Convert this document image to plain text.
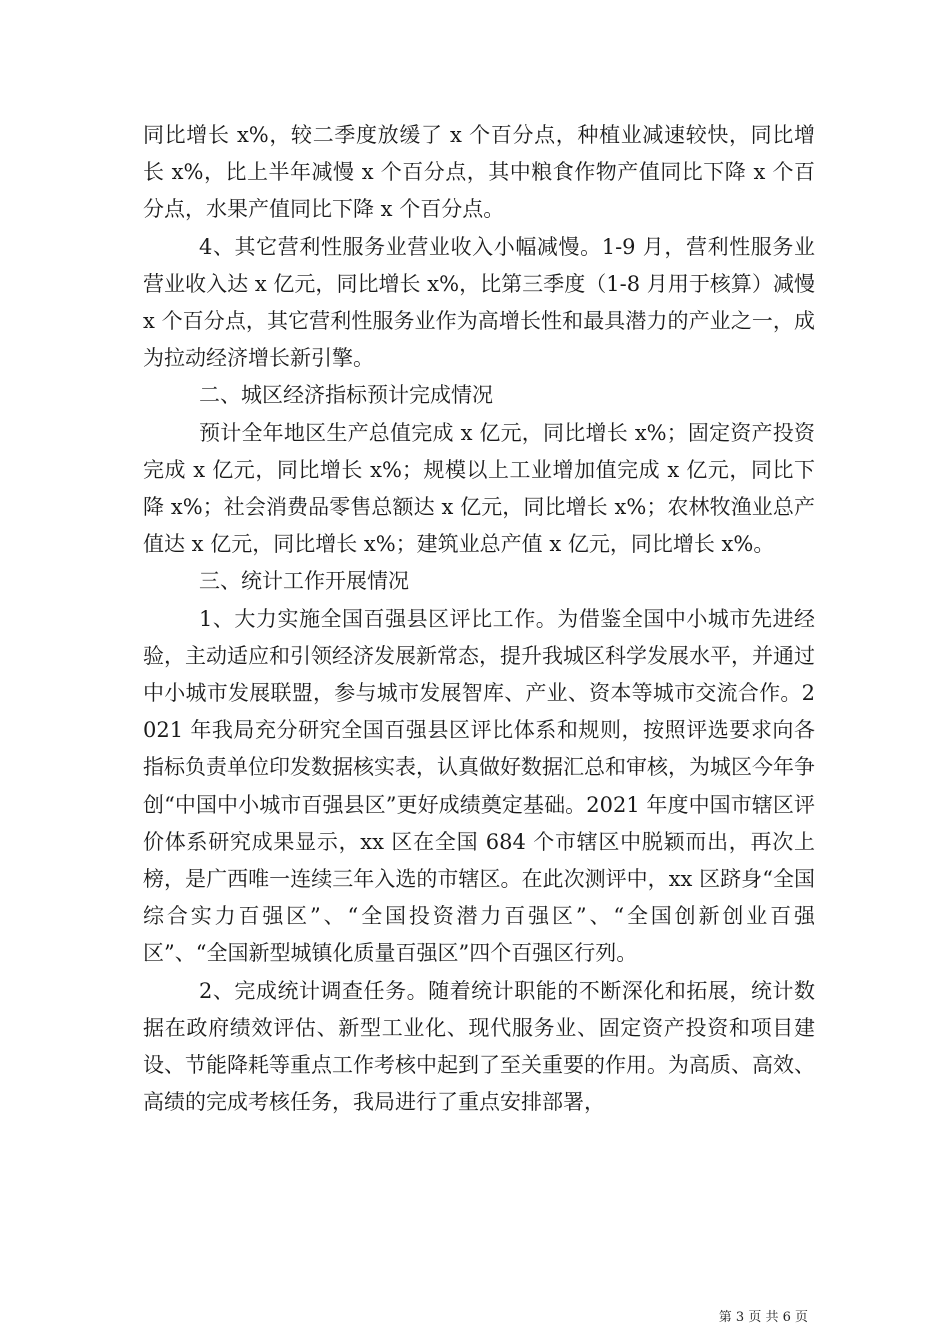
同比增长 x%，较二季度放缓了 x 个百分点，种植业减速较快，同比增长 x%，比上半年减慢 x 个百分点，其中粮食作物产值同比下降 x 个百分点，水果产值同比下降 x 个百分点。

4、其它营利性服务业营业收入小幅减慢。1-9 月，营利性服务业营业收入达 x 亿元，同比增长 x%，比第三季度（1-8 月用于核算）减慢 x 个百分点，其它营利性服务业作为高增长性和最具潜力的产业之一，成为拉动经济增长新引擎。

二、城区经济指标预计完成情况

预计全年地区生产总值完成 x 亿元，同比增长 x%；固定资产投资完成 x 亿元，同比增长 x%；规模以上工业增加值完成 x 亿元，同比下降 x%；社会消费品零售总额达 x 亿元，同比增长 x%；农林牧渔业总产值达 x 亿元，同比增长 x%；建筑业总产值 x 亿元，同比增长 x%。

三、统计工作开展情况

1、大力实施全国百强县区评比工作。为借鉴全国中小城市先进经验，主动适应和引领经济发展新常态，提升我城区科学发展水平，并通过中小城市发展联盟，参与城市发展智库、产业、资本等城市交流合作。2021 年我局充分研究全国百强县区评比体系和规则，按照评选要求向各指标负责单位印发数据核实表，认真做好数据汇总和审核，为城区今年争创“中国中小城市百强县区”更好成绩奠定基础。2021 年度中国市辖区评价体系研究成果显示，xx 区在全国 684 个市辖区中脱颖而出，再次上榜，是广西唯一连续三年入选的市辖区。在此次测评中，xx 区跻身“全国综合实力百强区”、“全国投资潜力百强区”、“全国创新创业百强区”、“全国新型城镇化质量百强区”四个百强区行列。

2、完成统计调查任务。随着统计职能的不断深化和拓展，统计数据在政府绩效评估、新型工业化、现代服务业、固定资产投资和项目建设、节能降耗等重点工作考核中起到了至关重要的作用。为高质、高效、高绩的完成考核任务，我局进行了重点安排部署，

第 3 页 共 6 页
